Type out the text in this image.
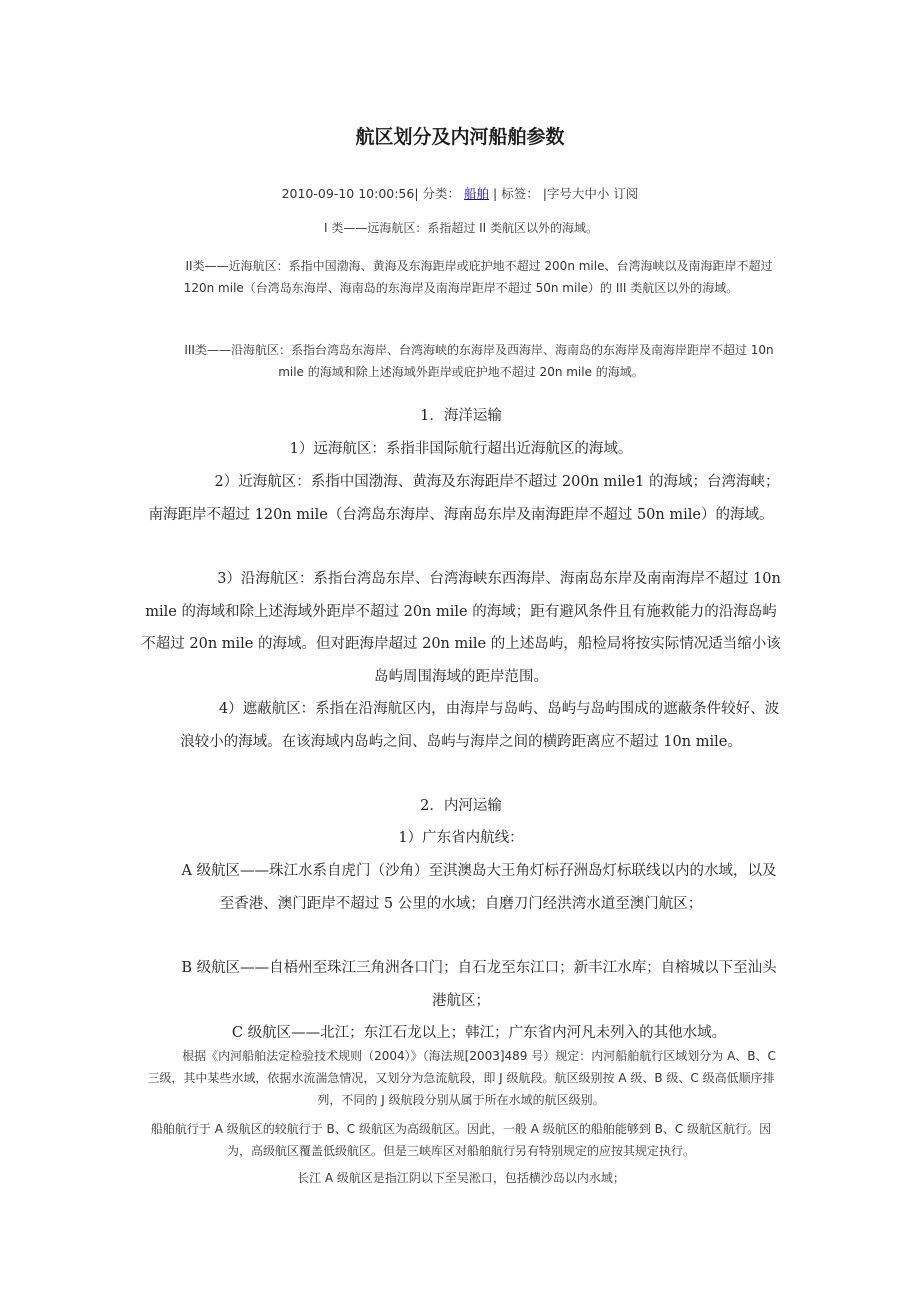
航区划分及内河船舶参数
2010-09-10 10:00:56| 分类： 船舶 | 标签： |字号大中小 订阅
I 类——远海航区：系指超过 II 类航区以外的海域。
II类——近海航区：系指中国渤海、黄海及东海距岸或庇护地不超过 200n mile、台湾海峡以及南海距岸不超过 120n mile（台湾岛东海岸、海南岛的东海岸及南海岸距岸不超过 50n mile）的 III 类航区以外的海域。
III类——沿海航区：系指台湾岛东海岸、台湾海峡的东海岸及西海岸、海南岛的东海岸及南海岸距岸不超过 10n mile 的海域和除上述海域外距岸或庇护地不超过 20n mile 的海域。
1．海洋运输
1）远海航区：系指非国际航行超出近海航区的海域。
2）近海航区：系指中国渤海、黄海及东海距岸不超过 200n mile1 的海域；台湾海峡；南海距岸不超过 120n mile（台湾岛东海岸、海南岛东岸及南海距岸不超过 50n mile）的海域。
3）沿海航区：系指台湾岛东岸、台湾海峡东西海岸、海南岛东岸及南南海岸不超过 10n mile 的海域和除上述海域外距岸不超过 20n mile 的海域；距有避风条件且有施救能力的沿海岛屿不超过 20n mile 的海域。但对距海岸超过 20n mile 的上述岛屿，船检局将按实际情况适当缩小该岛屿周围海域的距岸范围。
4）遮蔽航区：系指在沿海航区内，由海岸与岛屿、岛屿与岛屿围成的遮蔽条件较好、波浪较小的海域。在该海域内岛屿之间、岛屿与海岸之间的横跨距离应不超过 10n mile。
2．内河运输
1）广东省内航线：
A 级航区——珠江水系自虎门（沙角）至淇澳岛大王角灯标孖洲岛灯标联线以内的水域，以及至香港、澳门距岸不超过 5 公里的水域；自磨刀门经洪湾水道至澳门航区；
B 级航区——自梧州至珠江三角洲各口门；自石龙至东江口；新丰江水库；自榕城以下至汕头港航区；
C 级航区——北江；东江石龙以上；韩江；广东省内河凡未列入的其他水域。
根据《内河船舶法定检验技术规则（2004）》（海法规[2003]489 号）规定：内河船舶航行区域划分为 A、B、C 三级，其中某些水域，依据水流湍急情况，又划分为急流航段，即 J 级航段。航区级别按 A 级、B 级、C 级高低顺序排列，不同的 J 级航段分别从属于所在水域的航区级别。
船舶航行于 A 级航区的较航行于 B、C 级航区为高级航区。因此，一般 A 级航区的船舶能够到 B、C 级航区航行。因为，高级航区覆盖低级航区。但是三峡库区对船舶航行另有特别规定的应按其规定执行。
长江 A 级航区是指江阴以下至吴淞口，包括横沙岛以内水域；
